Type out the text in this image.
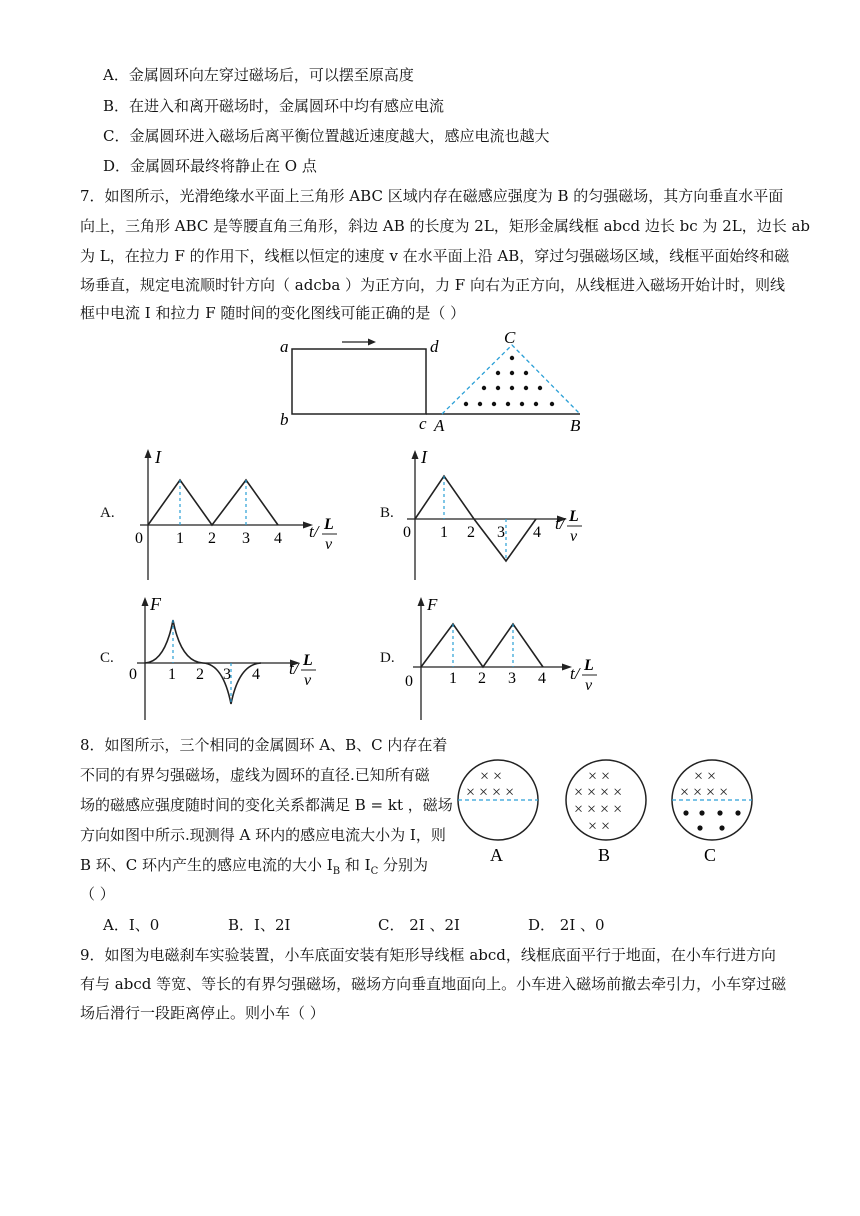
A．金属圆环向左穿过磁场后，可以摆至原高度
B．在进入和离开磁场时，金属圆环中均有感应电流
C．金属圆环进入磁场后离平衡位置越近速度越大，感应电流也越大
D．金属圆环最终将静止在 O 点
7．如图所示，光滑绝缘水平面上三角形 ABC 区域内存在磁感应强度为 B 的匀强磁场，其方向垂直水平面
向上，三角形 ABC 是等腰直角三角形，斜边 AB 的长度为 2L，矩形金属线框 abcd 边长 bc 为 2L，边长 ab
为 L，在拉力 F 的作用下，线框以恒定的速度 v 在水平面上沿 AB，穿过匀强磁场区域，线框平面始终和磁
场垂直，规定电流顺时针方向（ adcba ）为正方向，力 F 向右为正方向，从线框进入磁场开始计时，则线
框中电流 I 和拉力 F 随时间的变化图线可能正确的是（ ）
a	d
b	c A	B
C
A.
I
0 1 2 3 4 t/ L
v
B.
I
0 1 2 3 4 t/ L
v
C.
F
0 1 2 3 4 t/ L
v
D.
F
0 1 2 3 4 t/ L
v
8．如图所示，三个相同的金属圆环 A、B、C 内存在着
不同的有界匀强磁场，虚线为圆环的直径.已知所有磁
场的磁感应强度随时间的变化关系都满足 B = kt ，磁场
方向如图中所示.现测得 A 环内的感应电流大小为 I，则
B 环、C 环内产生的感应电流的大小 $I_B$ 和 $I_C$ 分别为
（ ）
× ×
× × × ×
A
× ×
× × × ×
× × × ×
× ×
B
× ×
× × × ×
C
A．I、0	B．I、2I	C． 2I 、2I	D． 2I 、0
9．如图为电磁刹车实验装置，小车底面安装有矩形导线框 abcd，线框底面平行于地面，在小车行进方向
有与 abcd 等宽、等长的有界匀强磁场，磁场方向垂直地面向上。小车进入磁场前撤去牵引力，小车穿过磁
场后滑行一段距离停止。则小车（ ）
